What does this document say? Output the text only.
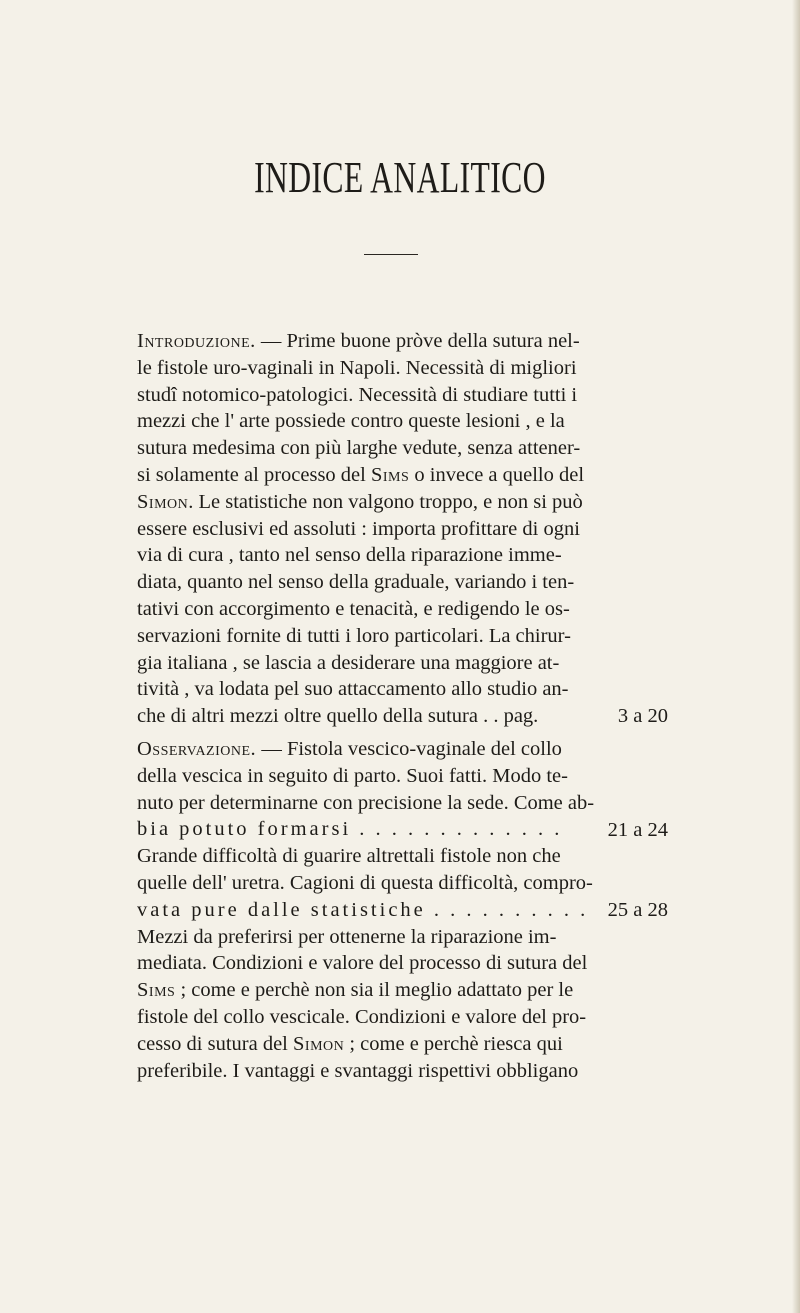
INDICE ANALITICO
Introduzione. — Prime buone pròve della sutura nel-
le fistole uro-vaginali in Napoli. Necessità di migliori
studî notomico-patologici. Necessità di studiare tutti i
mezzi che l' arte possiede contro queste lesioni , e la
sutura medesima con più larghe vedute, senza attener-
si solamente al processo del Sims o invece a quello del
Simon. Le statistiche non valgono troppo, e non si può
essere esclusivi ed assoluti : importa profittare di ogni
via di cura , tanto nel senso della riparazione imme-
diata, quanto nel senso della graduale, variando i ten-
tativi con accorgimento e tenacità, e redigendo le os-
servazioni fornite di tutti i loro particolari. La chirur-
gia italiana , se lascia a desiderare una maggiore at-
tività , va lodata pel suo attaccamento allo studio an-
che di altri mezzi oltre quello della sutura . . pag.	3 a 20
Osservazione. — Fistola vescico-vaginale del collo
della vescica in seguito di parto. Suoi fatti. Modo te-
nuto per determinarne con precisione la sede. Come ab-
bia potuto formarsi . . . . . . . . . . . . .
Grande difficoltà di guarire altrettali fistole non che
quelle dell' uretra. Cagioni di questa difficoltà, compro-
vata pure dalle statistiche . . . . . . . . . .
Mezzi da preferirsi per ottenerne la riparazione im-
mediata. Condizioni e valore del processo di sutura del
Sims ; come e perchè non sia il meglio adattato per le
fistole del collo vescicale. Condizioni e valore del pro-
cesso di sutura del Simon ; come e perchè riesca qui
preferibile. I vantaggi e svantaggi rispettivi obbligano
21 a 24
25 a 28
